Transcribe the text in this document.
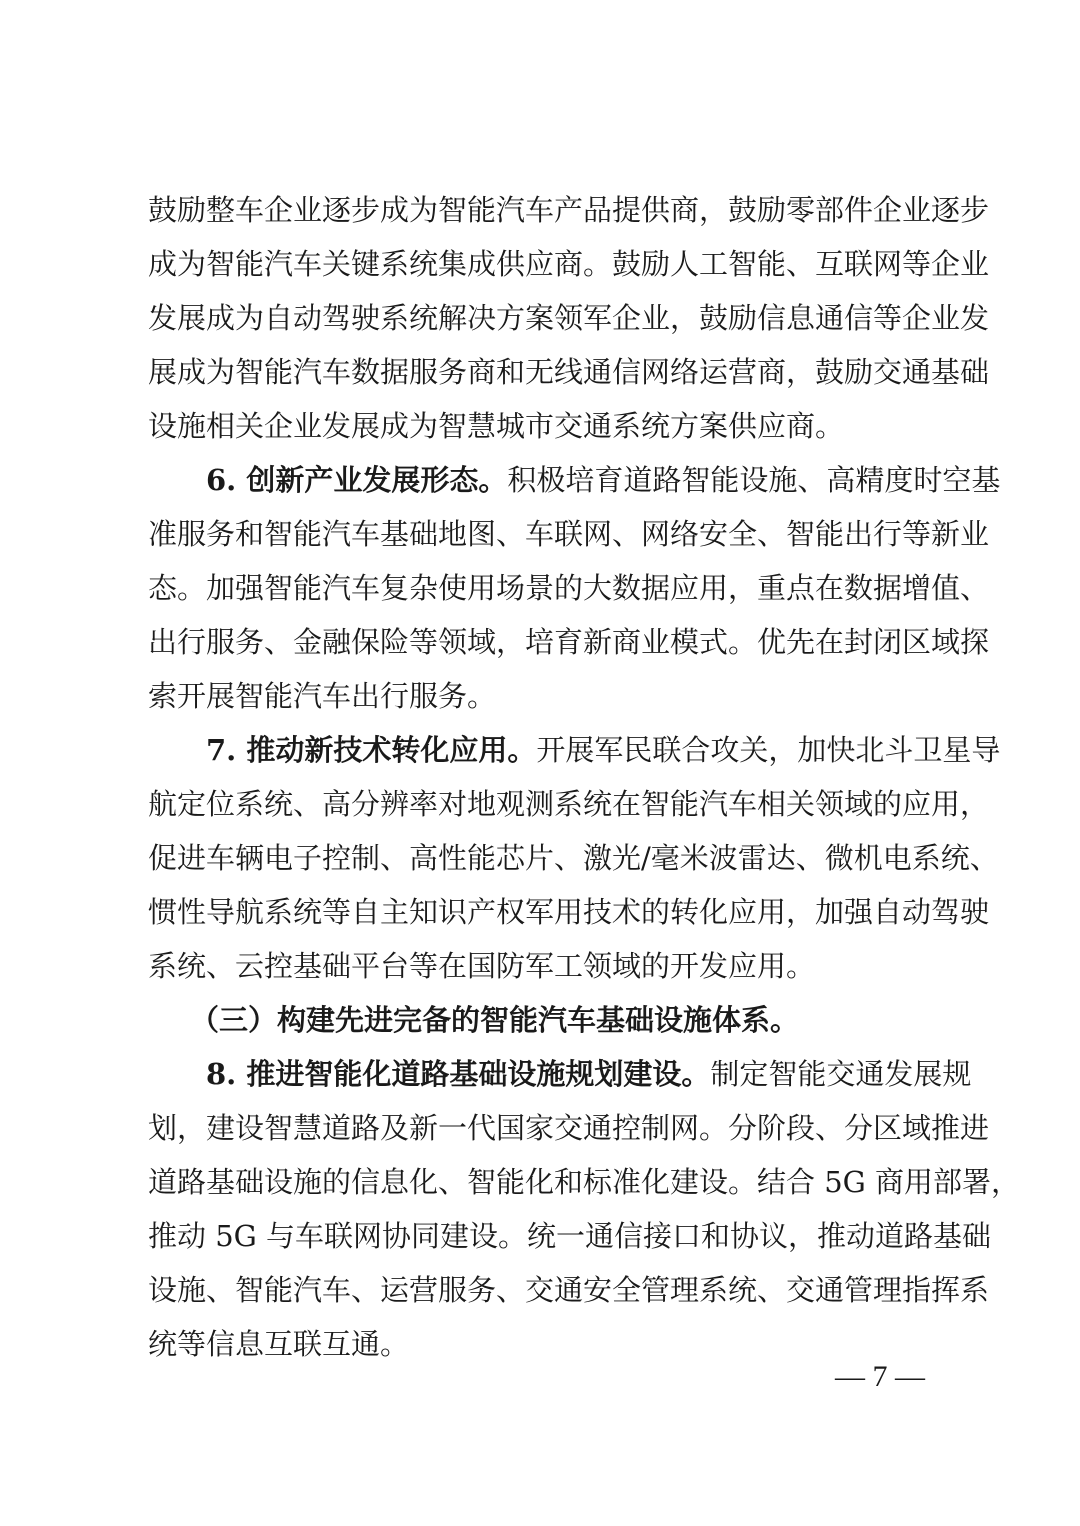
鼓励整车企业逐步成为智能汽车产品提供商，鼓励零部件企业逐步
成为智能汽车关键系统集成供应商。鼓励人工智能、互联网等企业
发展成为自动驾驶系统解决方案领军企业，鼓励信息通信等企业发
展成为智能汽车数据服务商和无线通信网络运营商，鼓励交通基础
设施相关企业发展成为智慧城市交通系统方案供应商。
6. 创新产业发展形态。积极培育道路智能设施、高精度时空基
准服务和智能汽车基础地图、车联网、网络安全、智能出行等新业
态。加强智能汽车复杂使用场景的大数据应用，重点在数据增值、
出行服务、金融保险等领域，培育新商业模式。优先在封闭区域探
索开展智能汽车出行服务。
7. 推动新技术转化应用。开展军民联合攻关，加快北斗卫星导
航定位系统、高分辨率对地观测系统在智能汽车相关领域的应用，
促进车辆电子控制、高性能芯片、激光/毫米波雷达、微机电系统、
惯性导航系统等自主知识产权军用技术的转化应用，加强自动驾驶
系统、云控基础平台等在国防军工领域的开发应用。
（三）构建先进完备的智能汽车基础设施体系。
8. 推进智能化道路基础设施规划建设。制定智能交通发展规
划，建设智慧道路及新一代国家交通控制网。分阶段、分区域推进
道路基础设施的信息化、智能化和标准化建设。结合 5G 商用部署，
推动 5G 与车联网协同建设。统一通信接口和协议，推动道路基础
设施、智能汽车、运营服务、交通安全管理系统、交通管理指挥系
统等信息互联互通。
— 7 —
